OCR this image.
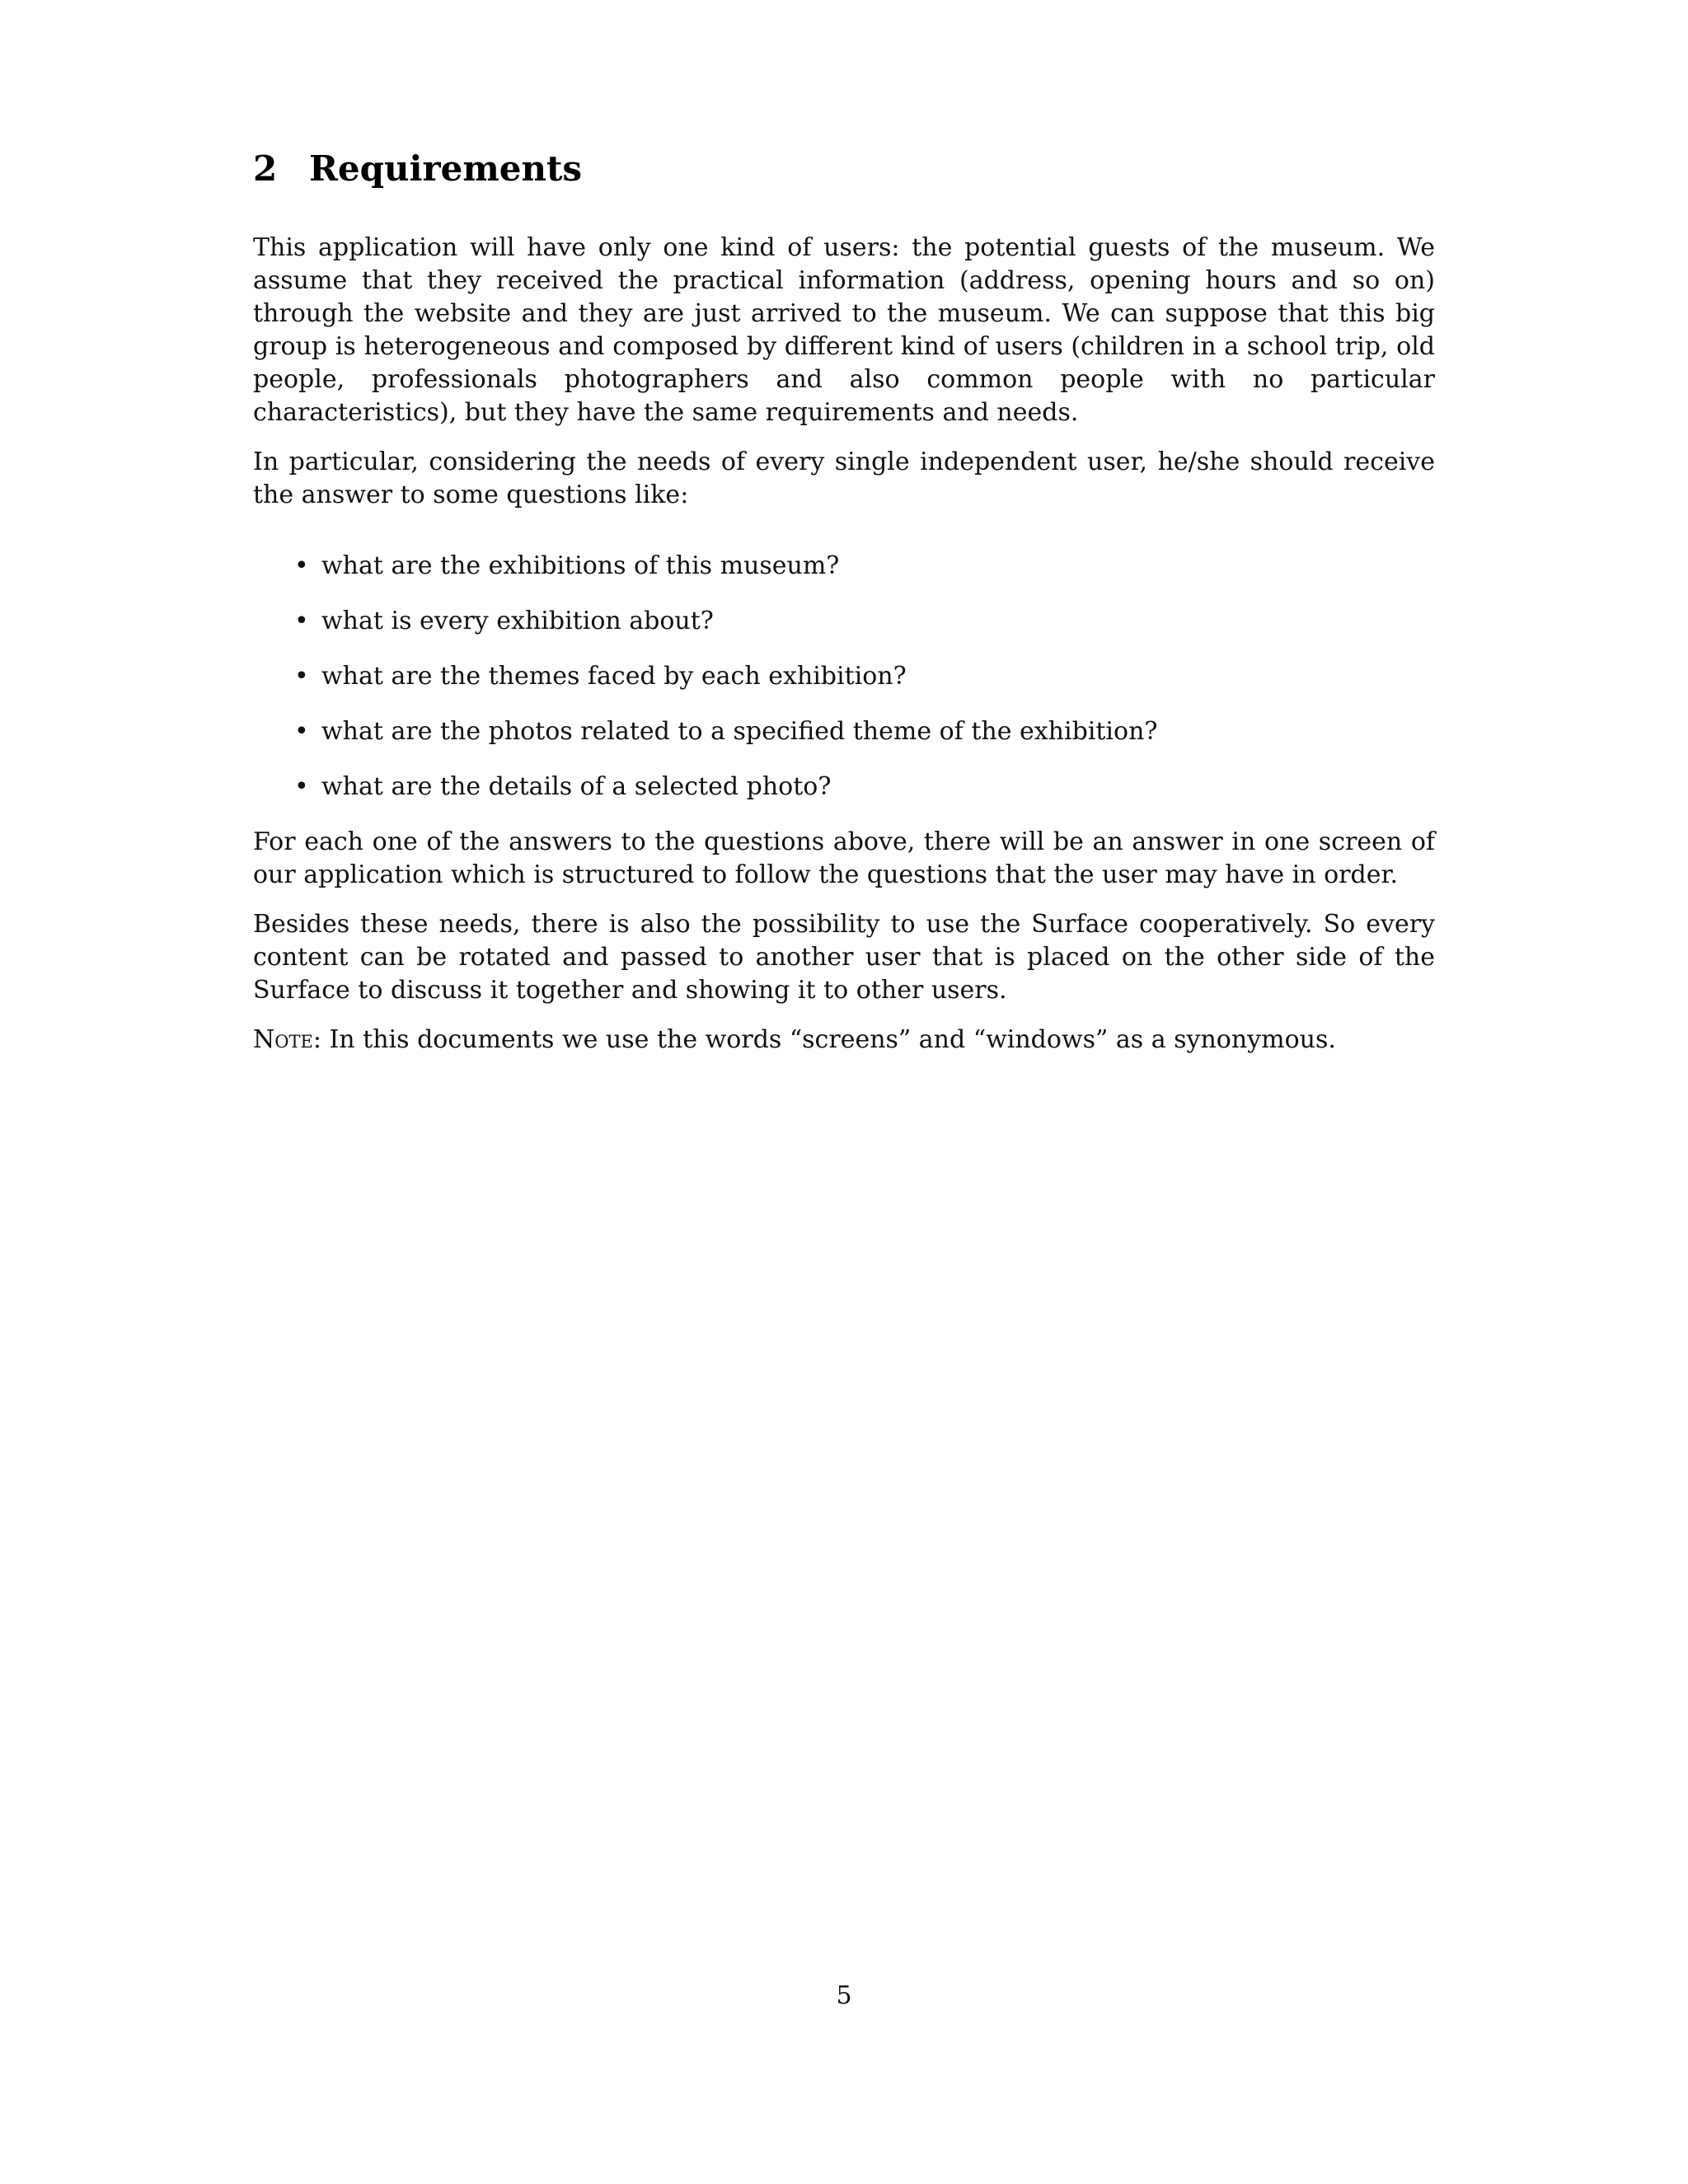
2 Requirements

This application will have only one kind of users: the potential guests of the museum. We assume that they received the practical information (address, opening hours and so on) through the website and they are just arrived to the museum. We can suppose that this big group is heterogeneous and composed by different kind of users (children in a school trip, old people, professionals photographers and also common people with no particular characteristics), but they have the same requirements and needs.

In particular, considering the needs of every single independent user, he/she should receive the answer to some questions like:

• what are the exhibitions of this museum?
• what is every exhibition about?
• what are the themes faced by each exhibition?
• what are the photos related to a specified theme of the exhibition?
• what are the details of a selected photo?

For each one of the answers to the questions above, there will be an answer in one screen of our application which is structured to follow the questions that the user may have in order.

Besides these needs, there is also the possibility to use the Surface cooperatively. So every content can be rotated and passed to another user that is placed on the other side of the Surface to discuss it together and showing it to other users.

Note: In this documents we use the words “screens” and “windows” as a synonymous.

5
